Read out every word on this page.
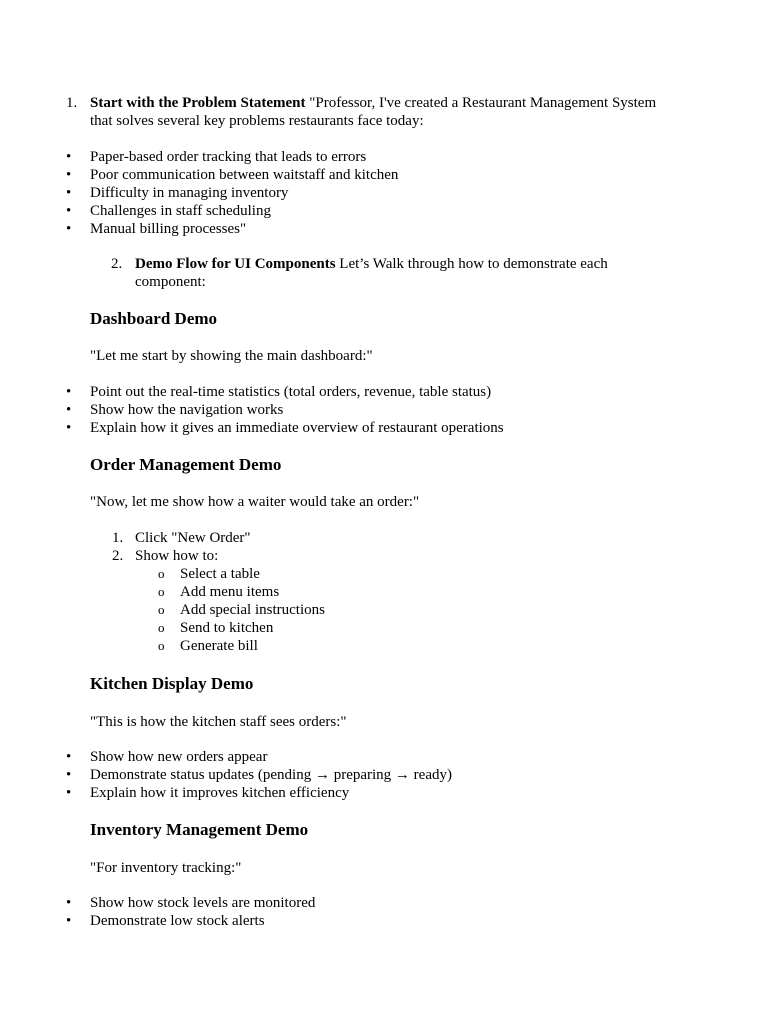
1. Start with the Problem Statement "Professor, I've created a Restaurant Management System that solves several key problems restaurants face today:
•	Paper-based order tracking that leads to errors
•	Poor communication between waitstaff and kitchen
•	Difficulty in managing inventory
•	Challenges in staff scheduling
•	Manual billing processes"
2. Demo Flow for UI Components Let’s Walk through how to demonstrate each component:
Dashboard Demo

"Let me start by showing the main dashboard:"

•	Point out the real-time statistics (total orders, revenue, table status)
•	Show how the navigation works
•	Explain how it gives an immediate overview of restaurant operations
Order Management Demo

"Now, let me show how a waiter would take an order:"

1. Click "New Order"
2. Show how to:
o	Select a table
o	Add menu items
o	Add special instructions
o	Send to kitchen
o	Generate bill
Kitchen Display Demo

"This is how the kitchen staff sees orders:"

•	Show how new orders appear
•	Demonstrate status updates (pending → preparing → ready)
•	Explain how it improves kitchen efficiency
Inventory Management Demo

"For inventory tracking:"

•	Show how stock levels are monitored
•	Demonstrate low stock alerts
